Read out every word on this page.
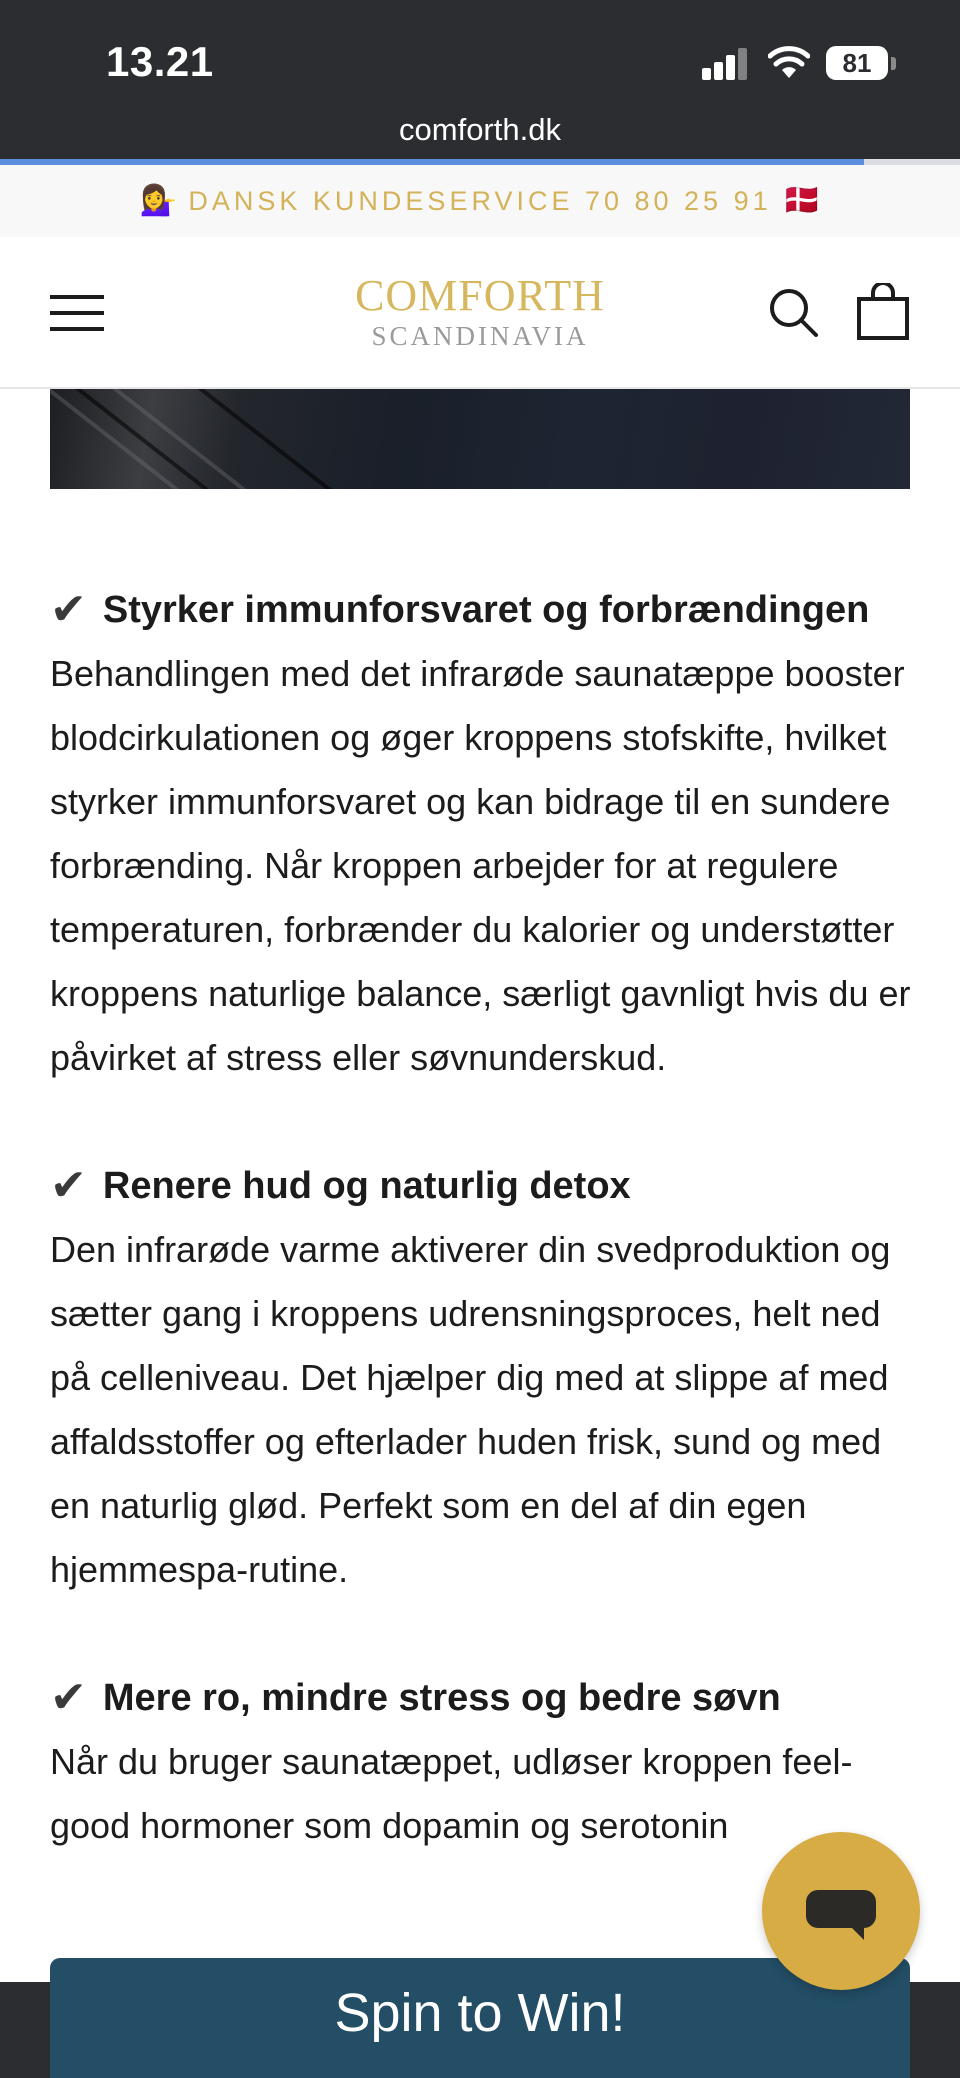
13.21	81
comforth.dk
💁‍♀️ DANSK KUNDESERVICE 70 80 25 91 🇩🇰
COMFORTH
SCANDINAVIA
✔ Styrker immunforsvaret og forbrændingen
Behandlingen med det infrarøde saunatæppe booster blodcirkulationen og øger kroppens stofskifte, hvilket styrker immunforsvaret og kan bidrage til en sundere forbrænding. Når kroppen arbejder for at regulere temperaturen, forbrænder du kalorier og understøtter kroppens naturlige balance, særligt gavnligt hvis du er påvirket af stress eller søvnunderskud.
✔ Renere hud og naturlig detox
Den infrarøde varme aktiverer din svedproduktion og sætter gang i kroppens udrensningsproces, helt ned på celleniveau. Det hjælper dig med at slippe af med affaldsstoffer og efterlader huden frisk, sund og med en naturlig glød. Perfekt som en del af din egen hjemmespa-rutine.
✔ Mere ro, mindre stress og bedre søvn
Når du bruger saunatæppet, udløser kroppen feel-good hormoner som dopamin og serotonin
Spin to Win!
